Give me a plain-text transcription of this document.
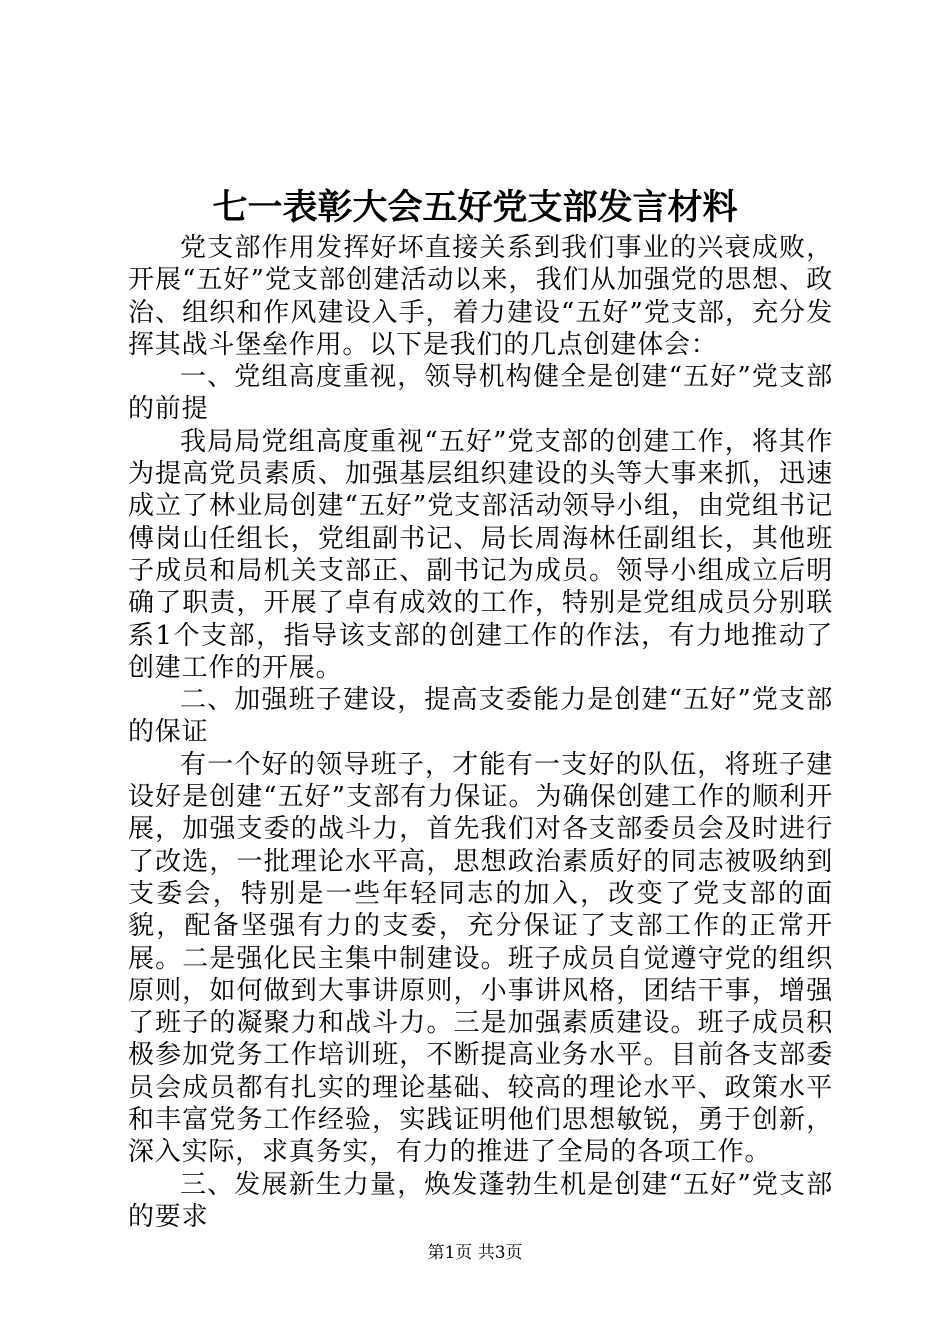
七一表彰大会五好党支部发言材料

党支部作用发挥好坏直接关系到我们事业的兴衰成败，开展“五好”党支部创建活动以来，我们从加强党的思想、政治、组织和作风建设入手，着力建设“五好”党支部，充分发挥其战斗堡垒作用。以下是我们的几点创建体会：

一、党组高度重视，领导机构健全是创建“五好”党支部的前提

我局局党组高度重视“五好”党支部的创建工作，将其作为提高党员素质、加强基层组织建设的头等大事来抓，迅速成立了林业局创建“五好”党支部活动领导小组，由党组书记傅岗山任组长，党组副书记、局长周海林任副组长，其他班子成员和局机关支部正、副书记为成员。领导小组成立后明确了职责，开展了卓有成效的工作，特别是党组成员分别联系1个支部，指导该支部的创建工作的作法，有力地推动了创建工作的开展。

二、加强班子建设，提高支委能力是创建“五好”党支部的保证

有一个好的领导班子，才能有一支好的队伍，将班子建设好是创建“五好”支部有力保证。为确保创建工作的顺利开展，加强支委的战斗力，首先我们对各支部委员会及时进行了改选，一批理论水平高，思想政治素质好的同志被吸纳到支委会，特别是一些年轻同志的加入，改变了党支部的面貌，配备坚强有力的支委，充分保证了支部工作的正常开展。二是强化民主集中制建设。班子成员自觉遵守党的组织原则，如何做到大事讲原则，小事讲风格，团结干事，增强了班子的凝聚力和战斗力。三是加强素质建设。班子成员积极参加党务工作培训班，不断提高业务水平。目前各支部委员会成员都有扎实的理论基础、较高的理论水平、政策水平和丰富党务工作经验，实践证明他们思想敏锐，勇于创新，深入实际，求真务实，有力的推进了全局的各项工作。

三、发展新生力量，焕发蓬勃生机是创建“五好”党支部的要求

第1页 共3页
